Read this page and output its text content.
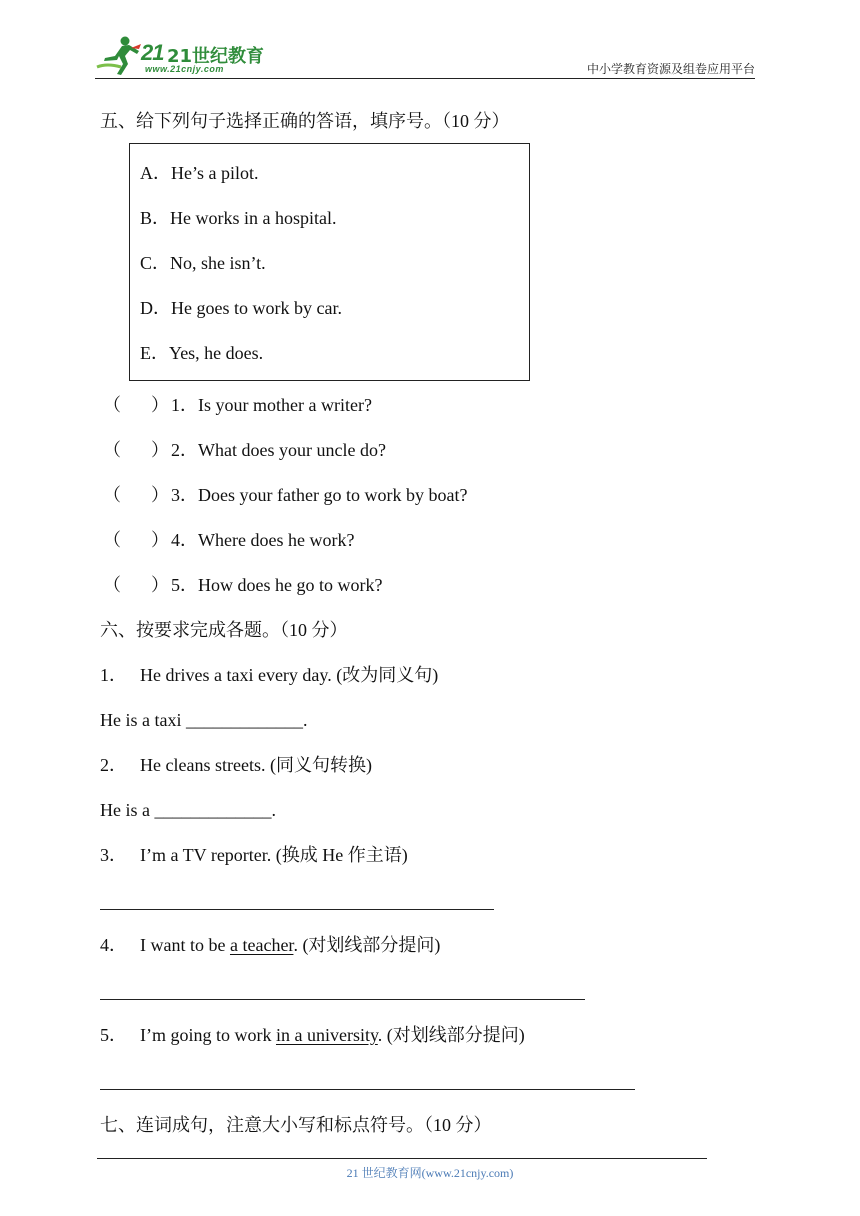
21 21世纪教育
www.21cnjy.com	中小学教育资源及组卷应用平台
五、给下列句子选择正确的答语，填序号。（10 分）
A．He’s a pilot.
B．He works in a hospital.
C．No, she isn’t.
D．He goes to work by car.
E．Yes, he does.
（ ） 1．Is your mother a writer?
（ ） 2．What does your uncle do?
（ ） 3．Does your father go to work by boat?
（ ） 4．Where does he work?
（ ） 5．How does he go to work?
六、按要求完成各题。（10 分）
1． He drives a taxi every day. (改为同义句)
He is a taxi _____________.
2． He cleans streets. (同义句转换)
He is a _____________.
3． I’m a TV reporter. (换成 He 作主语)
4． I want to be a teacher. (对划线部分提问)
5． I’m going to work in a university. (对划线部分提问)
七、连词成句，注意大小写和标点符号。（10 分）
21 世纪教育网(www.21cnjy.com)
